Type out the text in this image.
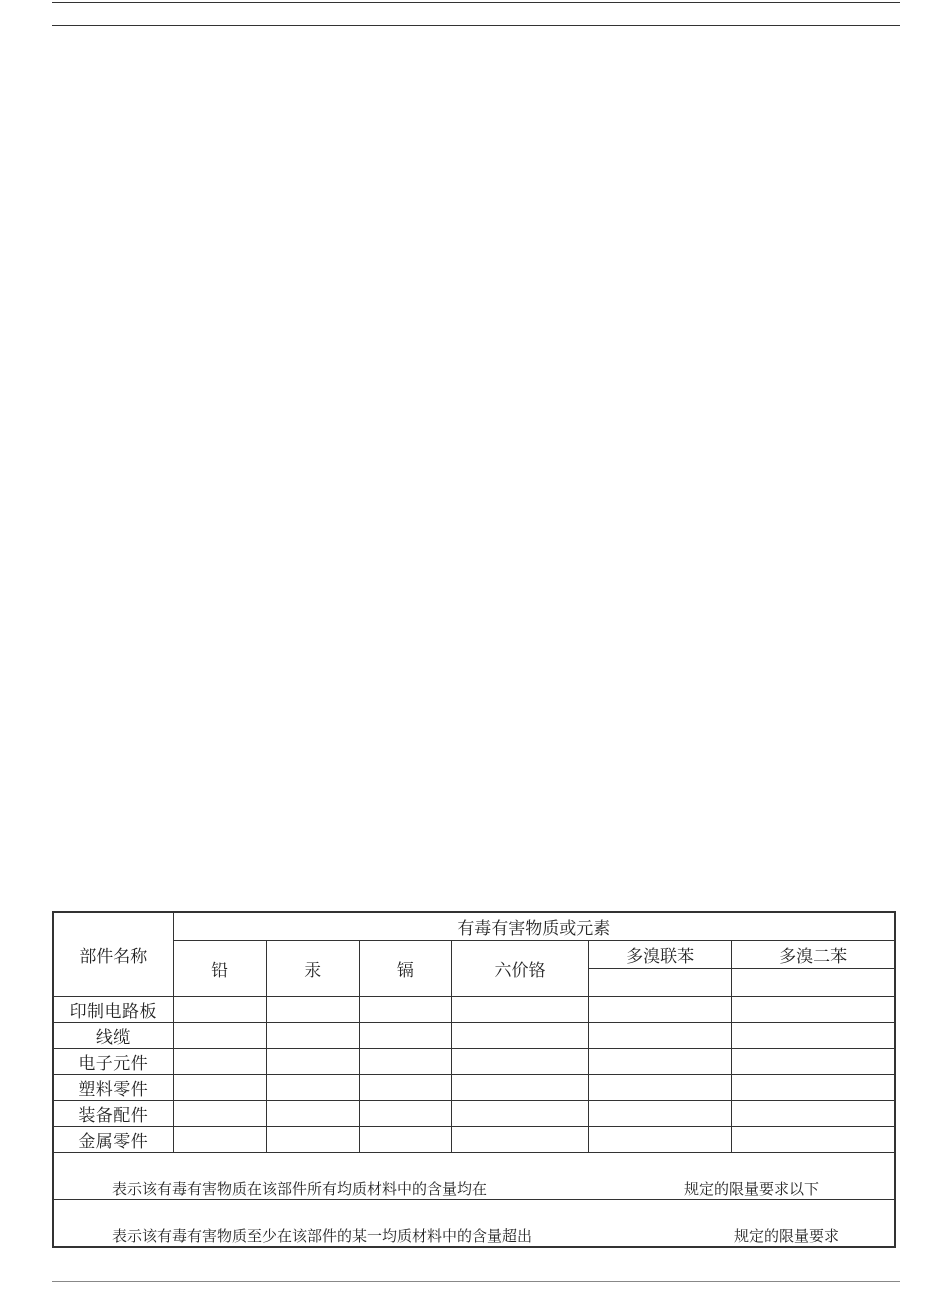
部件名称	有毒有害物质或元素					
	铅	汞	镉	六价铬	多溴联苯	多溴二苯

印制电路板						
线缆						
电子元件						
塑料零件						
装备配件						
金属零件						

表示该有毒有害物质在该部件所有均质材料中的含量均在 规定的限量要求以下						

表示该有毒有害物质至少在该部件的某一均质材料中的含量超出 规定的限量要求						
